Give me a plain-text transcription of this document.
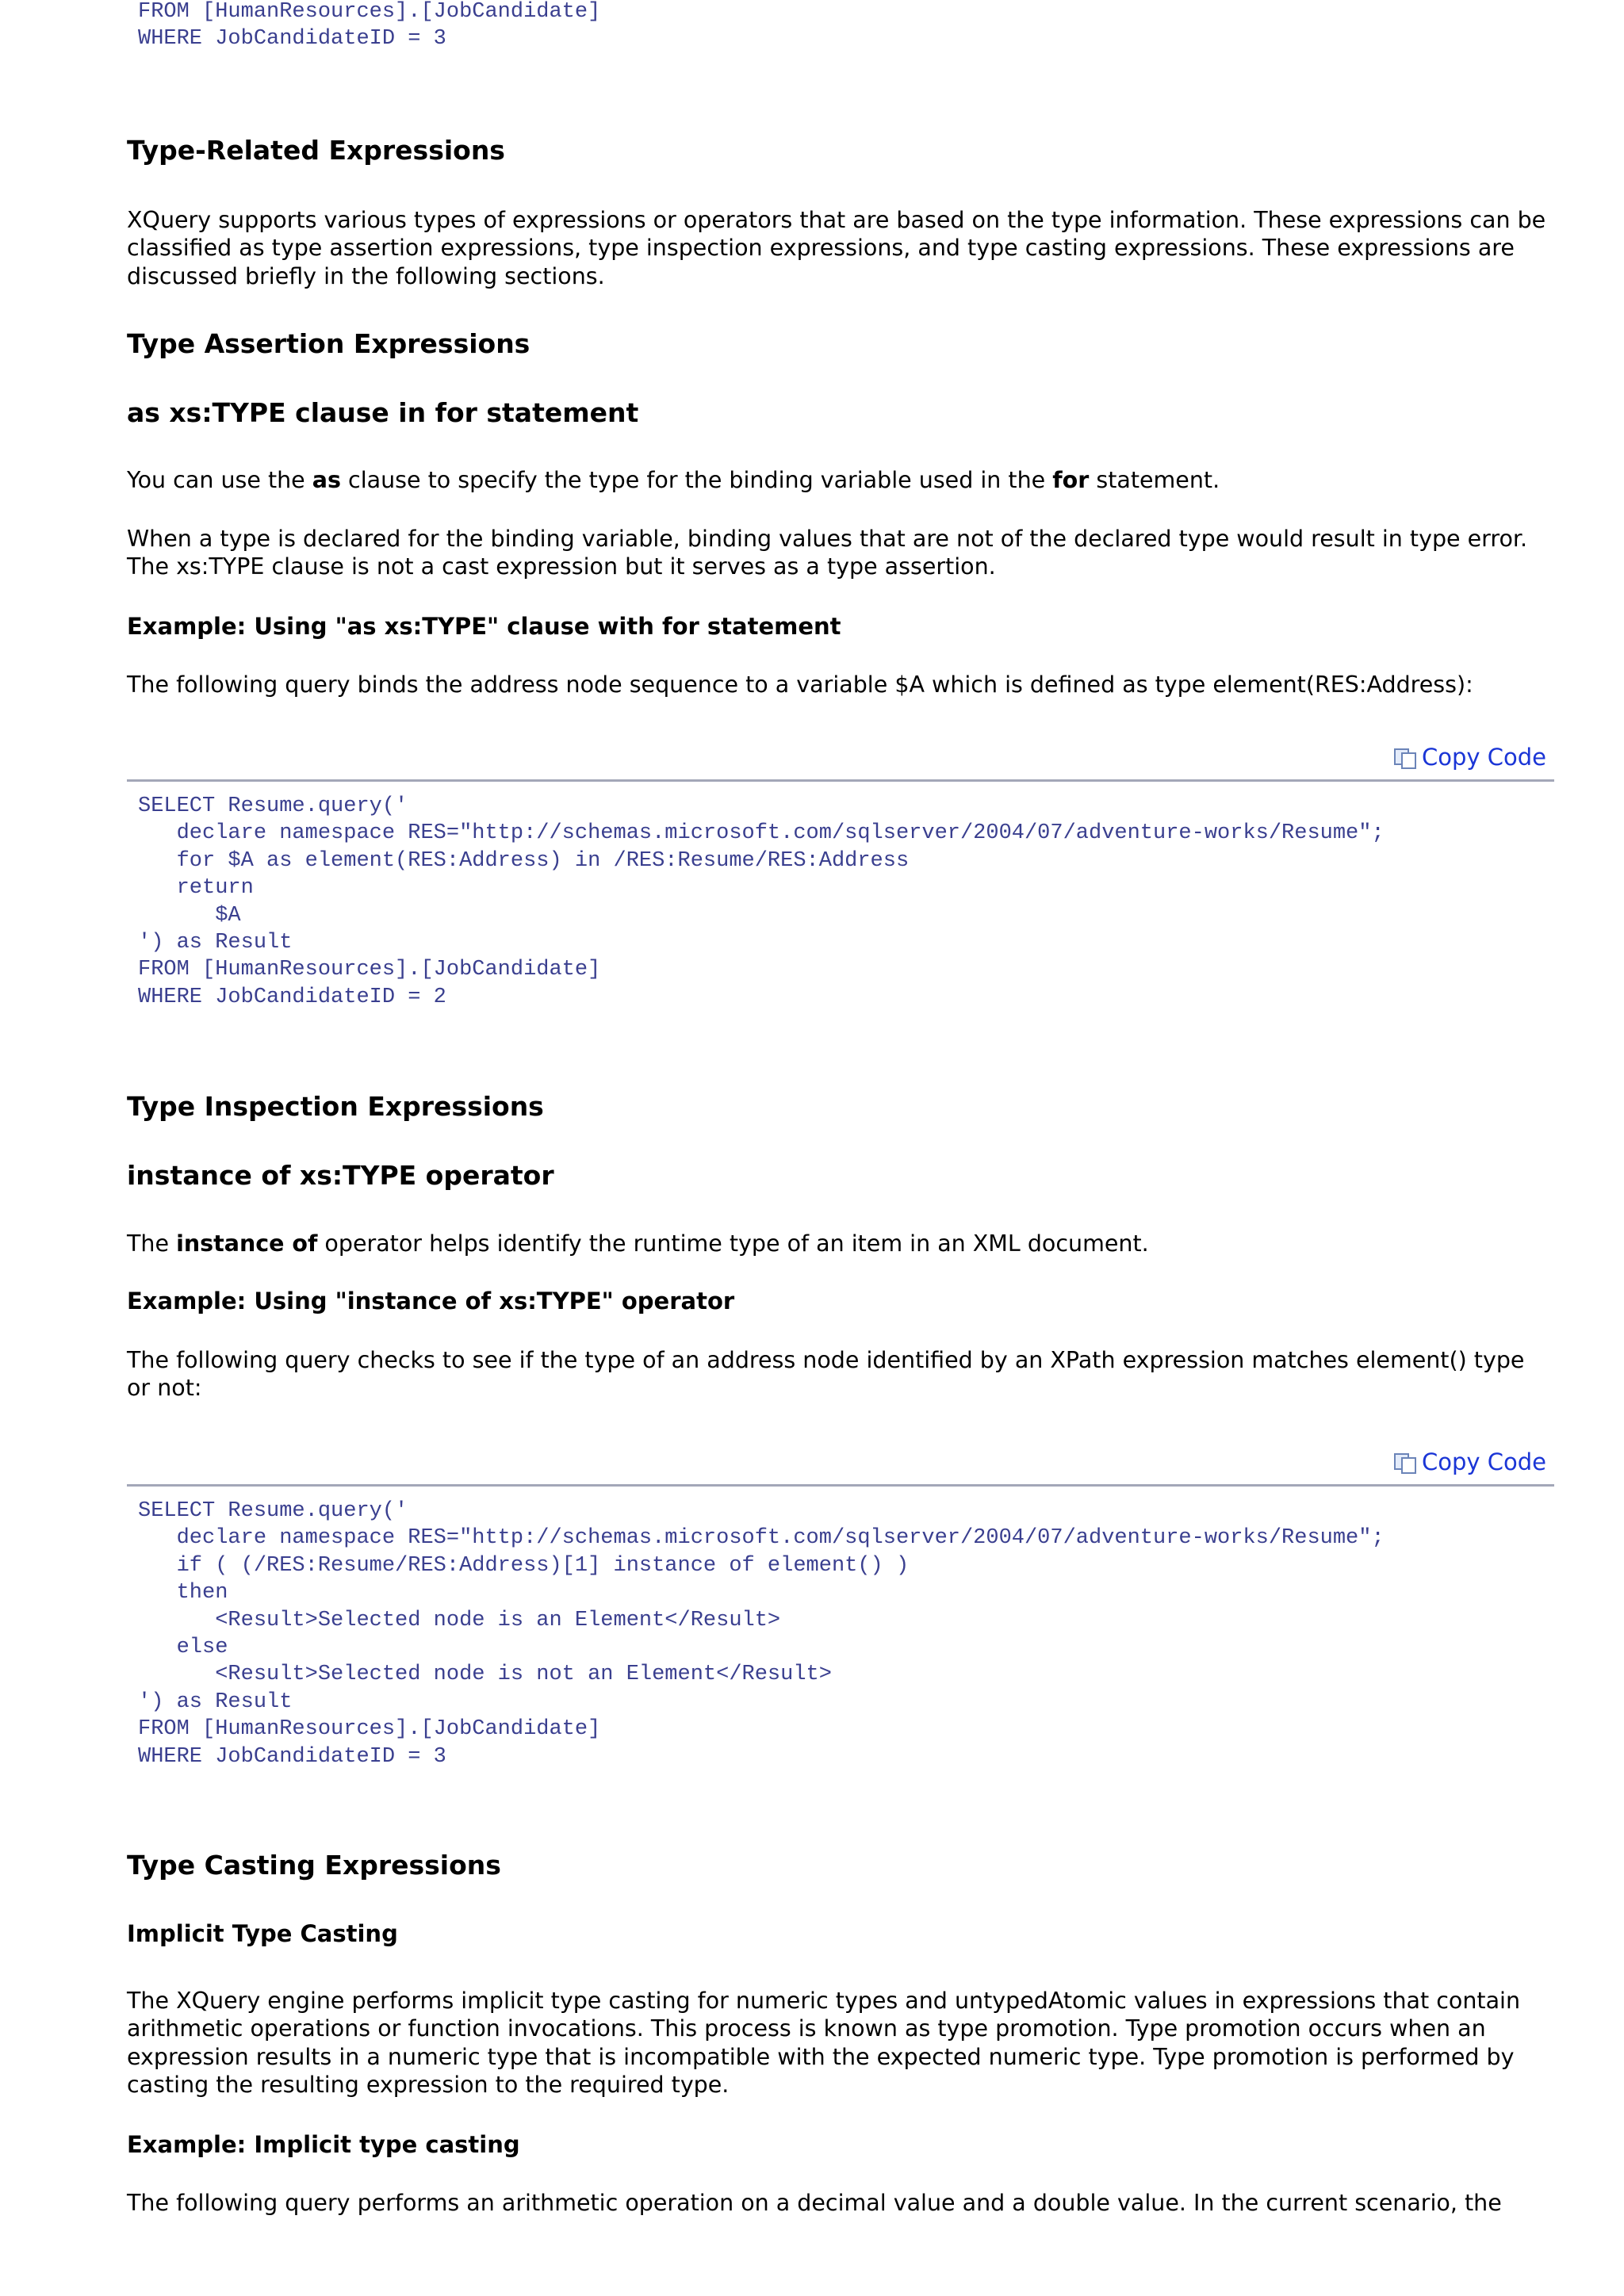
FROM [HumanResources].[JobCandidate]
WHERE JobCandidateID = 3
Type-Related Expressions

XQuery supports various types of expressions or operators that are based on the type information. These expressions can be classified as type assertion expressions, type inspection expressions, and type casting expressions. These expressions are discussed briefly in the following sections.

Type Assertion Expressions
as xs:TYPE clause in for statement

You can use the as clause to specify the type for the binding variable used in the for statement.

When a type is declared for the binding variable, binding values that are not of the declared type would result in type error. The xs:TYPE clause is not a cast expression but it serves as a type assertion.

Example: Using "as xs:TYPE" clause with for statement

The following query binds the address node sequence to a variable $A which is defined as type element(RES:Address):

Copy Code
SELECT Resume.query('
declare namespace RES="http://schemas.microsoft.com/sqlserver/2004/07/adventure-works/Resume";
for $A as element(RES:Address) in /RES:Resume/RES:Address
return
$A
') as Result
FROM [HumanResources].[JobCandidate]
WHERE JobCandidateID = 2
Type Inspection Expressions
instance of xs:TYPE operator

The instance of operator helps identify the runtime type of an item in an XML document.

Example: Using "instance of xs:TYPE" operator

The following query checks to see if the type of an address node identified by an XPath expression matches element() type or not:

Copy Code
SELECT Resume.query('
declare namespace RES="http://schemas.microsoft.com/sqlserver/2004/07/adventure-works/Resume";
if ( (/RES:Resume/RES:Address)[1] instance of element() )
then
<Result>Selected node is an Element</Result>
else
<Result>Selected node is not an Element</Result>
') as Result
FROM [HumanResources].[JobCandidate]
WHERE JobCandidateID = 3
Type Casting Expressions
Implicit Type Casting

The XQuery engine performs implicit type casting for numeric types and untypedAtomic values in expressions that contain arithmetic operations or function invocations. This process is known as type promotion. Type promotion occurs when an expression results in a numeric type that is incompatible with the expected numeric type. Type promotion is performed by casting the resulting expression to the required type.

Example: Implicit type casting

The following query performs an arithmetic operation on a decimal value and a double value. In the current scenario, the
